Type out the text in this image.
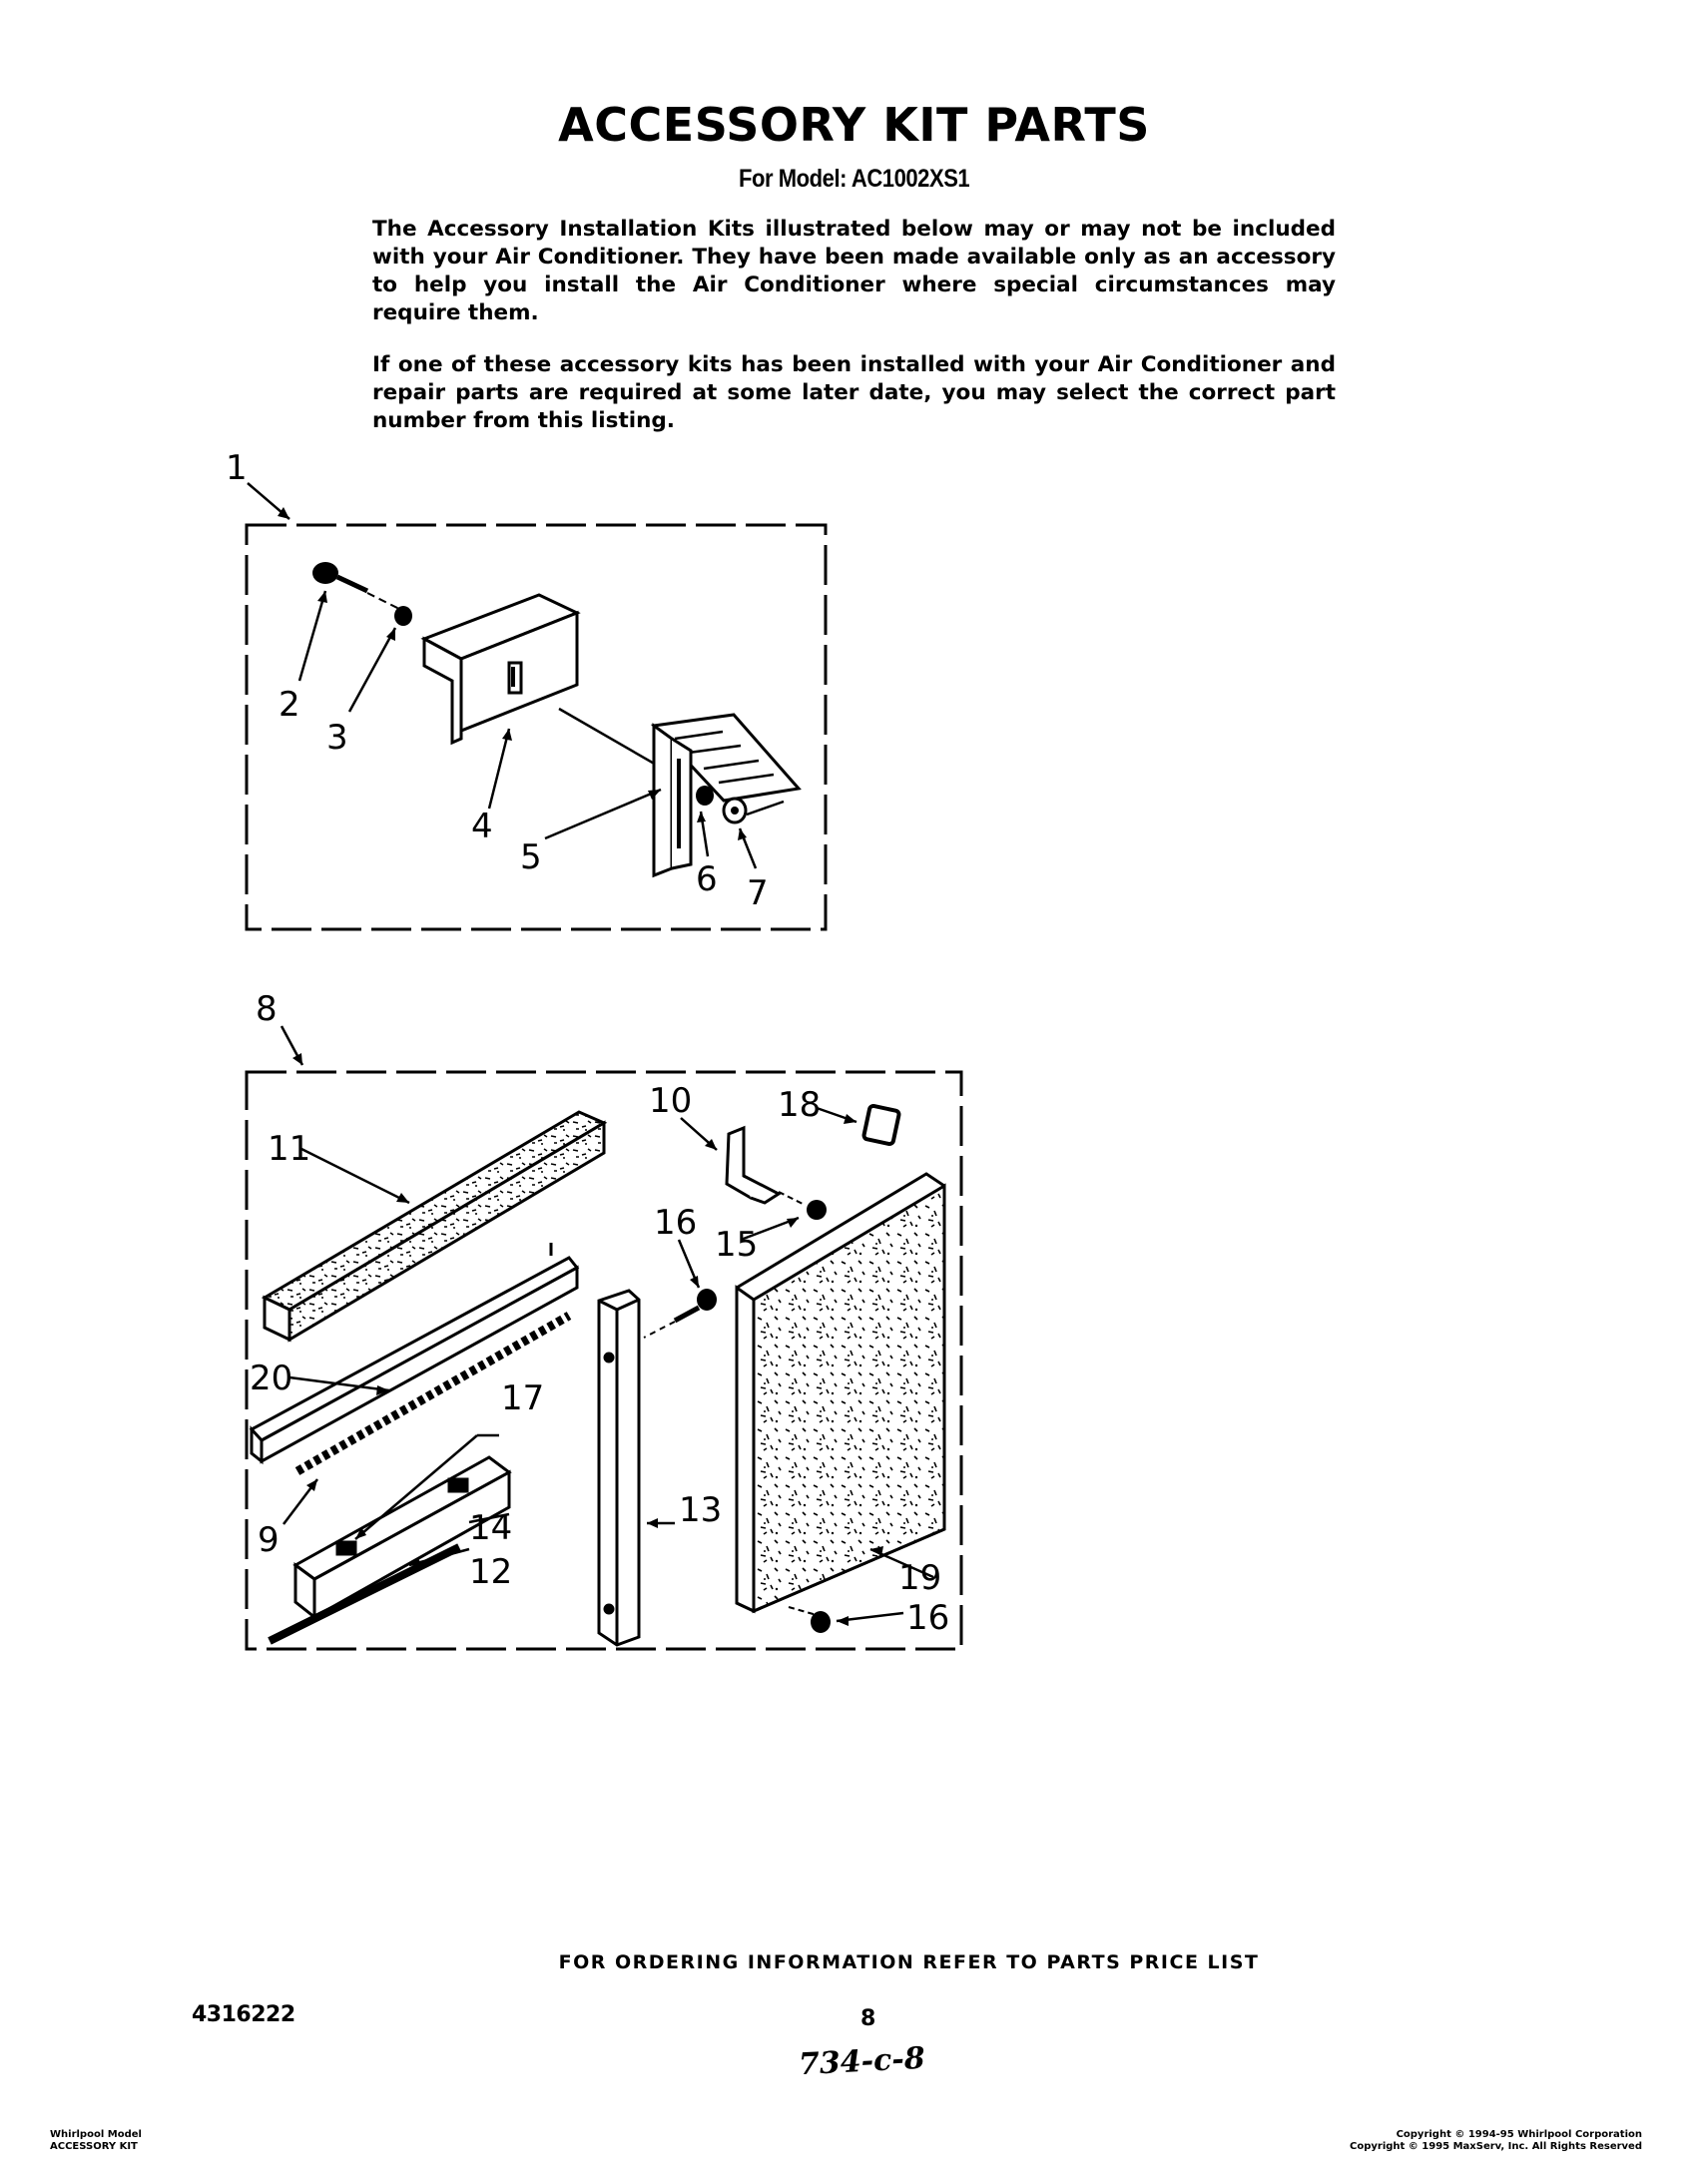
ACCESSORY KIT PARTS
For Model: AC1002XS1
The Accessory Installation Kits illustrated below may or may not be included with your Air Conditioner. They have been made available only as an accessory to help you install the Air Conditioner where special circumstances may require them.
If one of these accessory kits has been installed with your Air Conditioner and repair parts are required at some later date, you may select the correct part number from this listing.
1
2
3
4
5
6 7
8
10	18
11
16
15
20	17
9	14
12
13
19
16
FOR ORDERING INFORMATION REFER TO PARTS PRICE LIST
4316222	8
734-c-8
Whirlpool Model
ACCESSORY KIT
Copyright © 1994-95 Whirlpool Corporation
Copyright © 1995 MaxServ, Inc. All Rights Reserved
